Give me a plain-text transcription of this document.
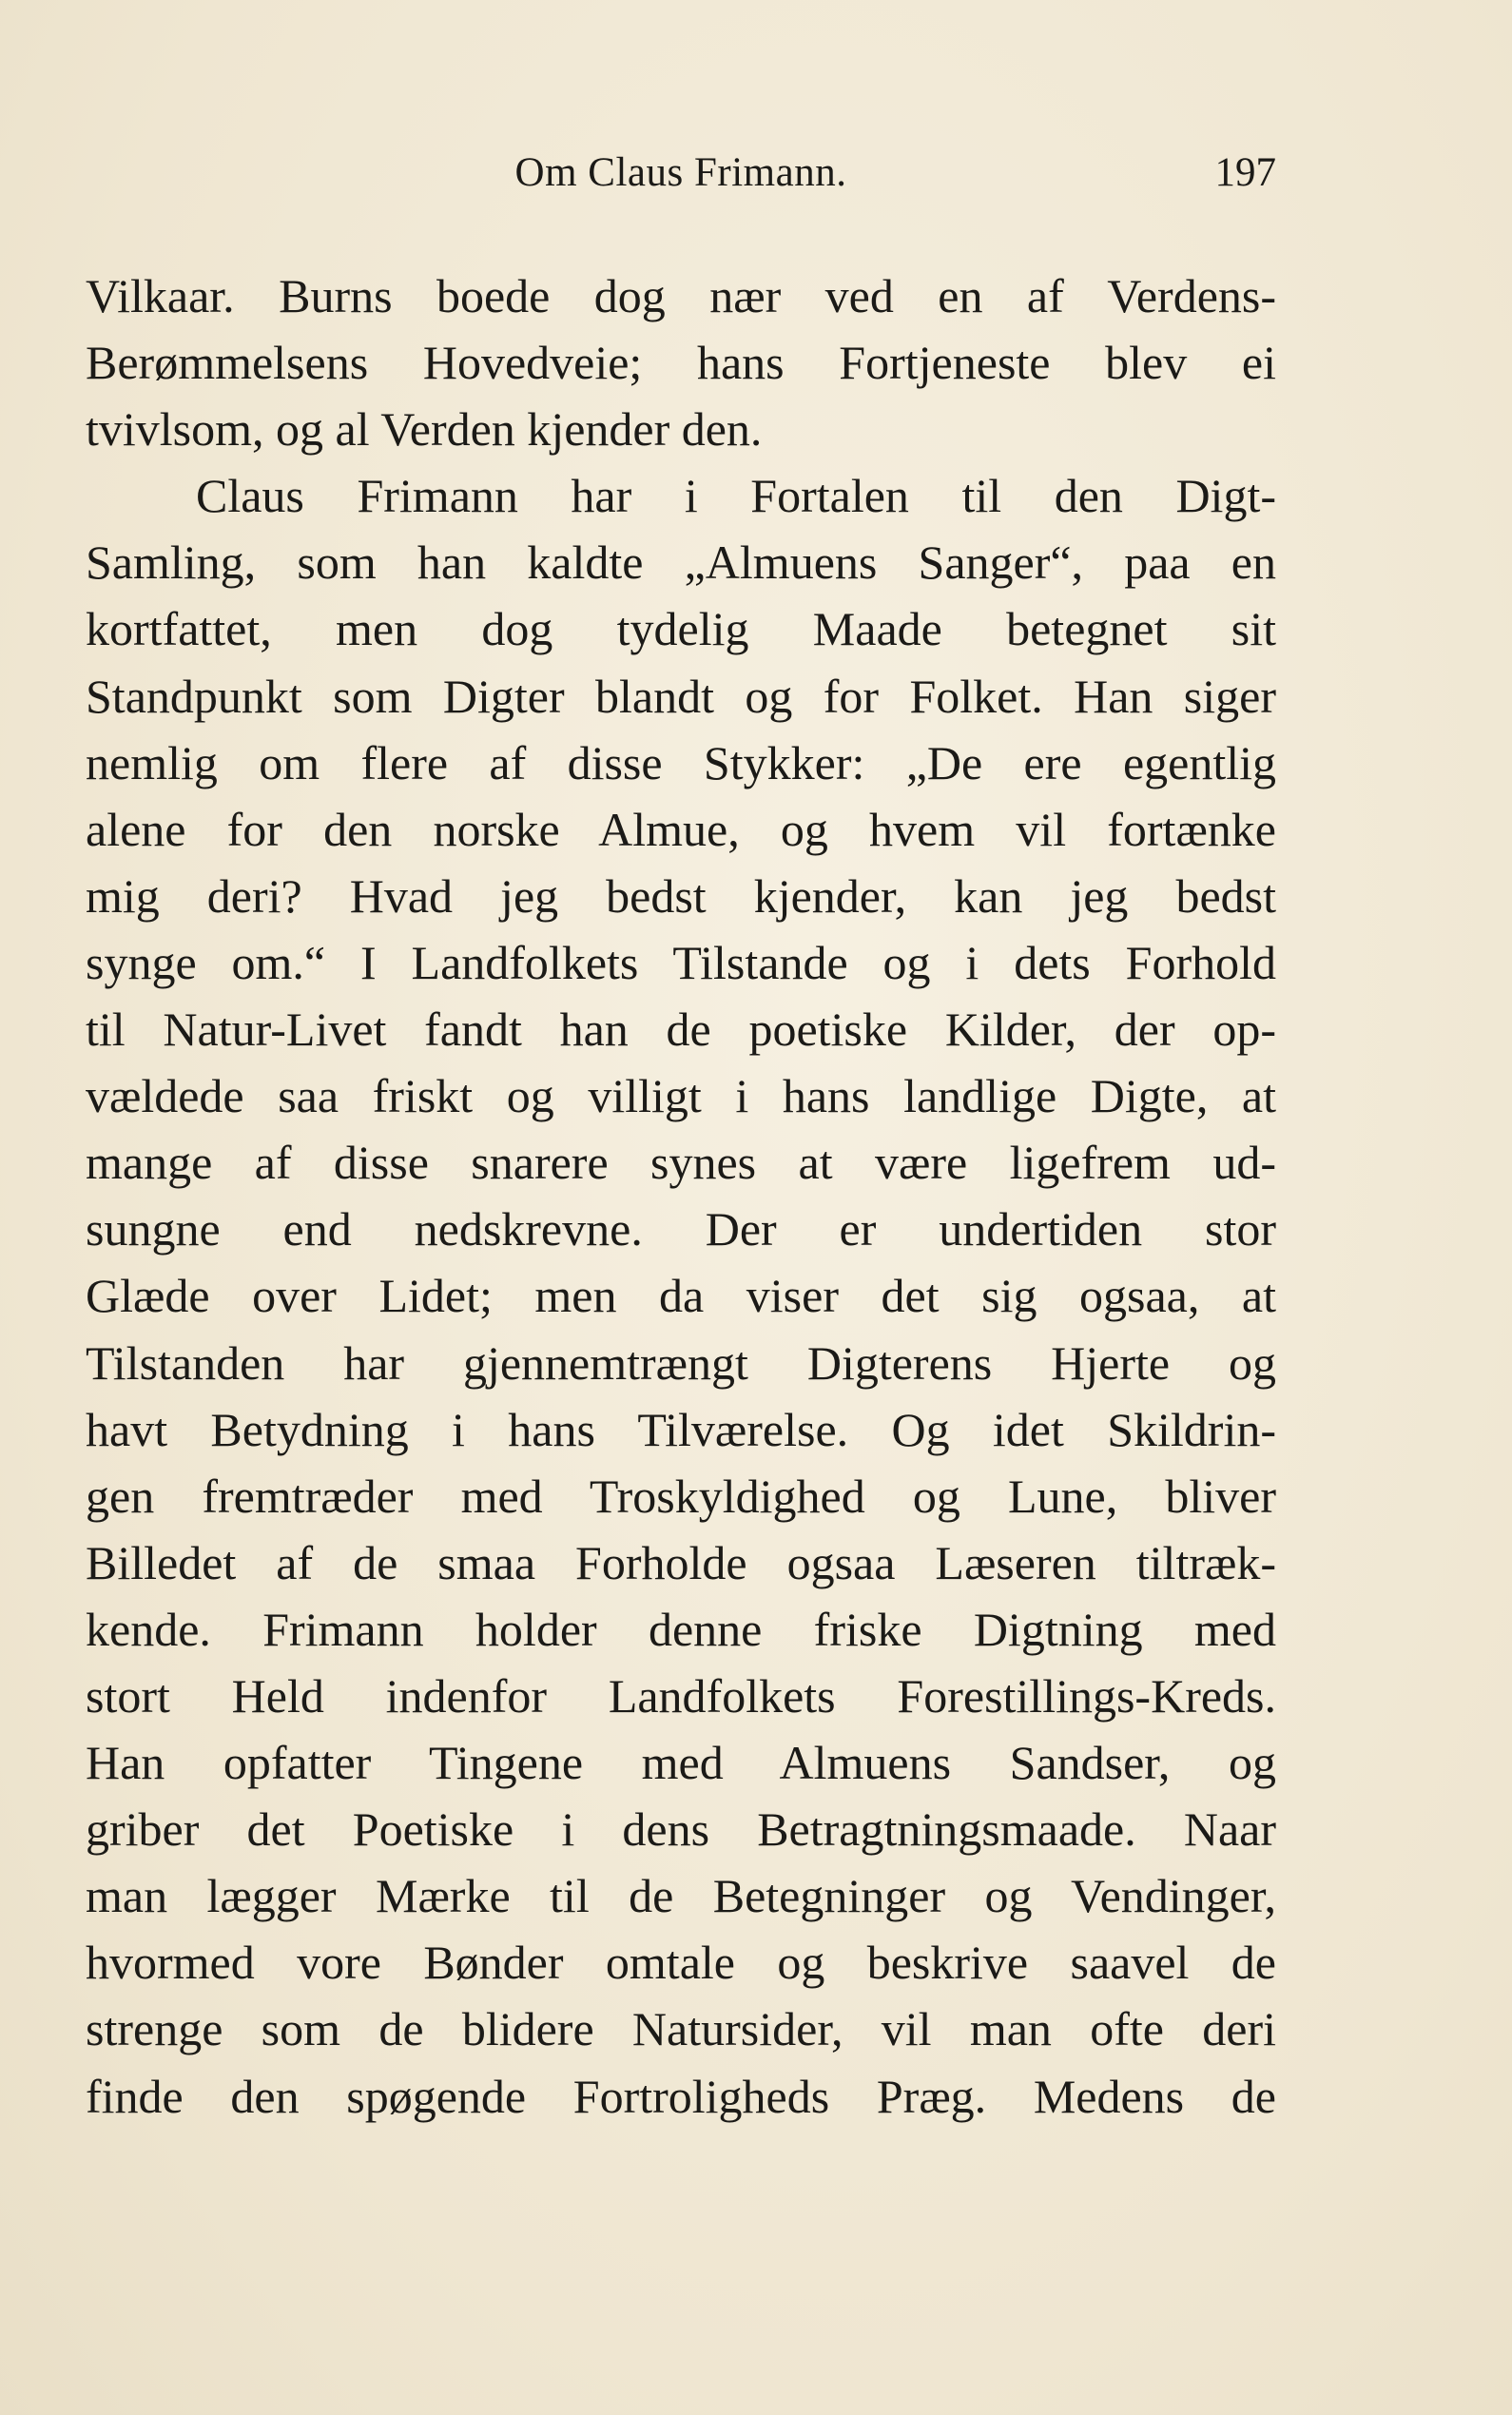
Om Claus Frimann.	197
Vilkaar. Burns boede dog nær ved en af Verdens-
Berømmelsens Hovedveie; hans Fortjeneste blev ei
tvivlsom, og al Verden kjender den.
Claus Frimann har i Fortalen til den Digt-
Samling, som han kaldte „Almuens Sanger“, paa en
kortfattet, men dog tydelig Maade betegnet sit
Standpunkt som Digter blandt og for Folket. Han siger
nemlig om flere af disse Stykker: „De ere egentlig
alene for den norske Almue, og hvem vil fortænke
mig deri? Hvad jeg bedst kjender, kan jeg bedst
synge om.“ I Landfolkets Tilstande og i dets Forhold
til Natur-Livet fandt han de poetiske Kilder, der op-
vældede saa friskt og villigt i hans landlige Digte, at
mange af disse snarere synes at være ligefrem ud-
sungne end nedskrevne. Der er undertiden stor
Glæde over Lidet; men da viser det sig ogsaa, at
Tilstanden har gjennemtrængt Digterens Hjerte og
havt Betydning i hans Tilværelse. Og idet Skildrin-
gen fremtræder med Troskyldighed og Lune, bliver
Billedet af de smaa Forholde ogsaa Læseren tiltræk-
kende. Frimann holder denne friske Digtning med
stort Held indenfor Landfolkets Forestillings-Kreds.
Han opfatter Tingene med Almuens Sandser, og
griber det Poetiske i dens Betragtningsmaade. Naar
man lægger Mærke til de Betegninger og Vendinger,
hvormed vore Bønder omtale og beskrive saavel de
strenge som de blidere Natursider, vil man ofte deri
finde den spøgende Fortroligheds Præg. Medens de
